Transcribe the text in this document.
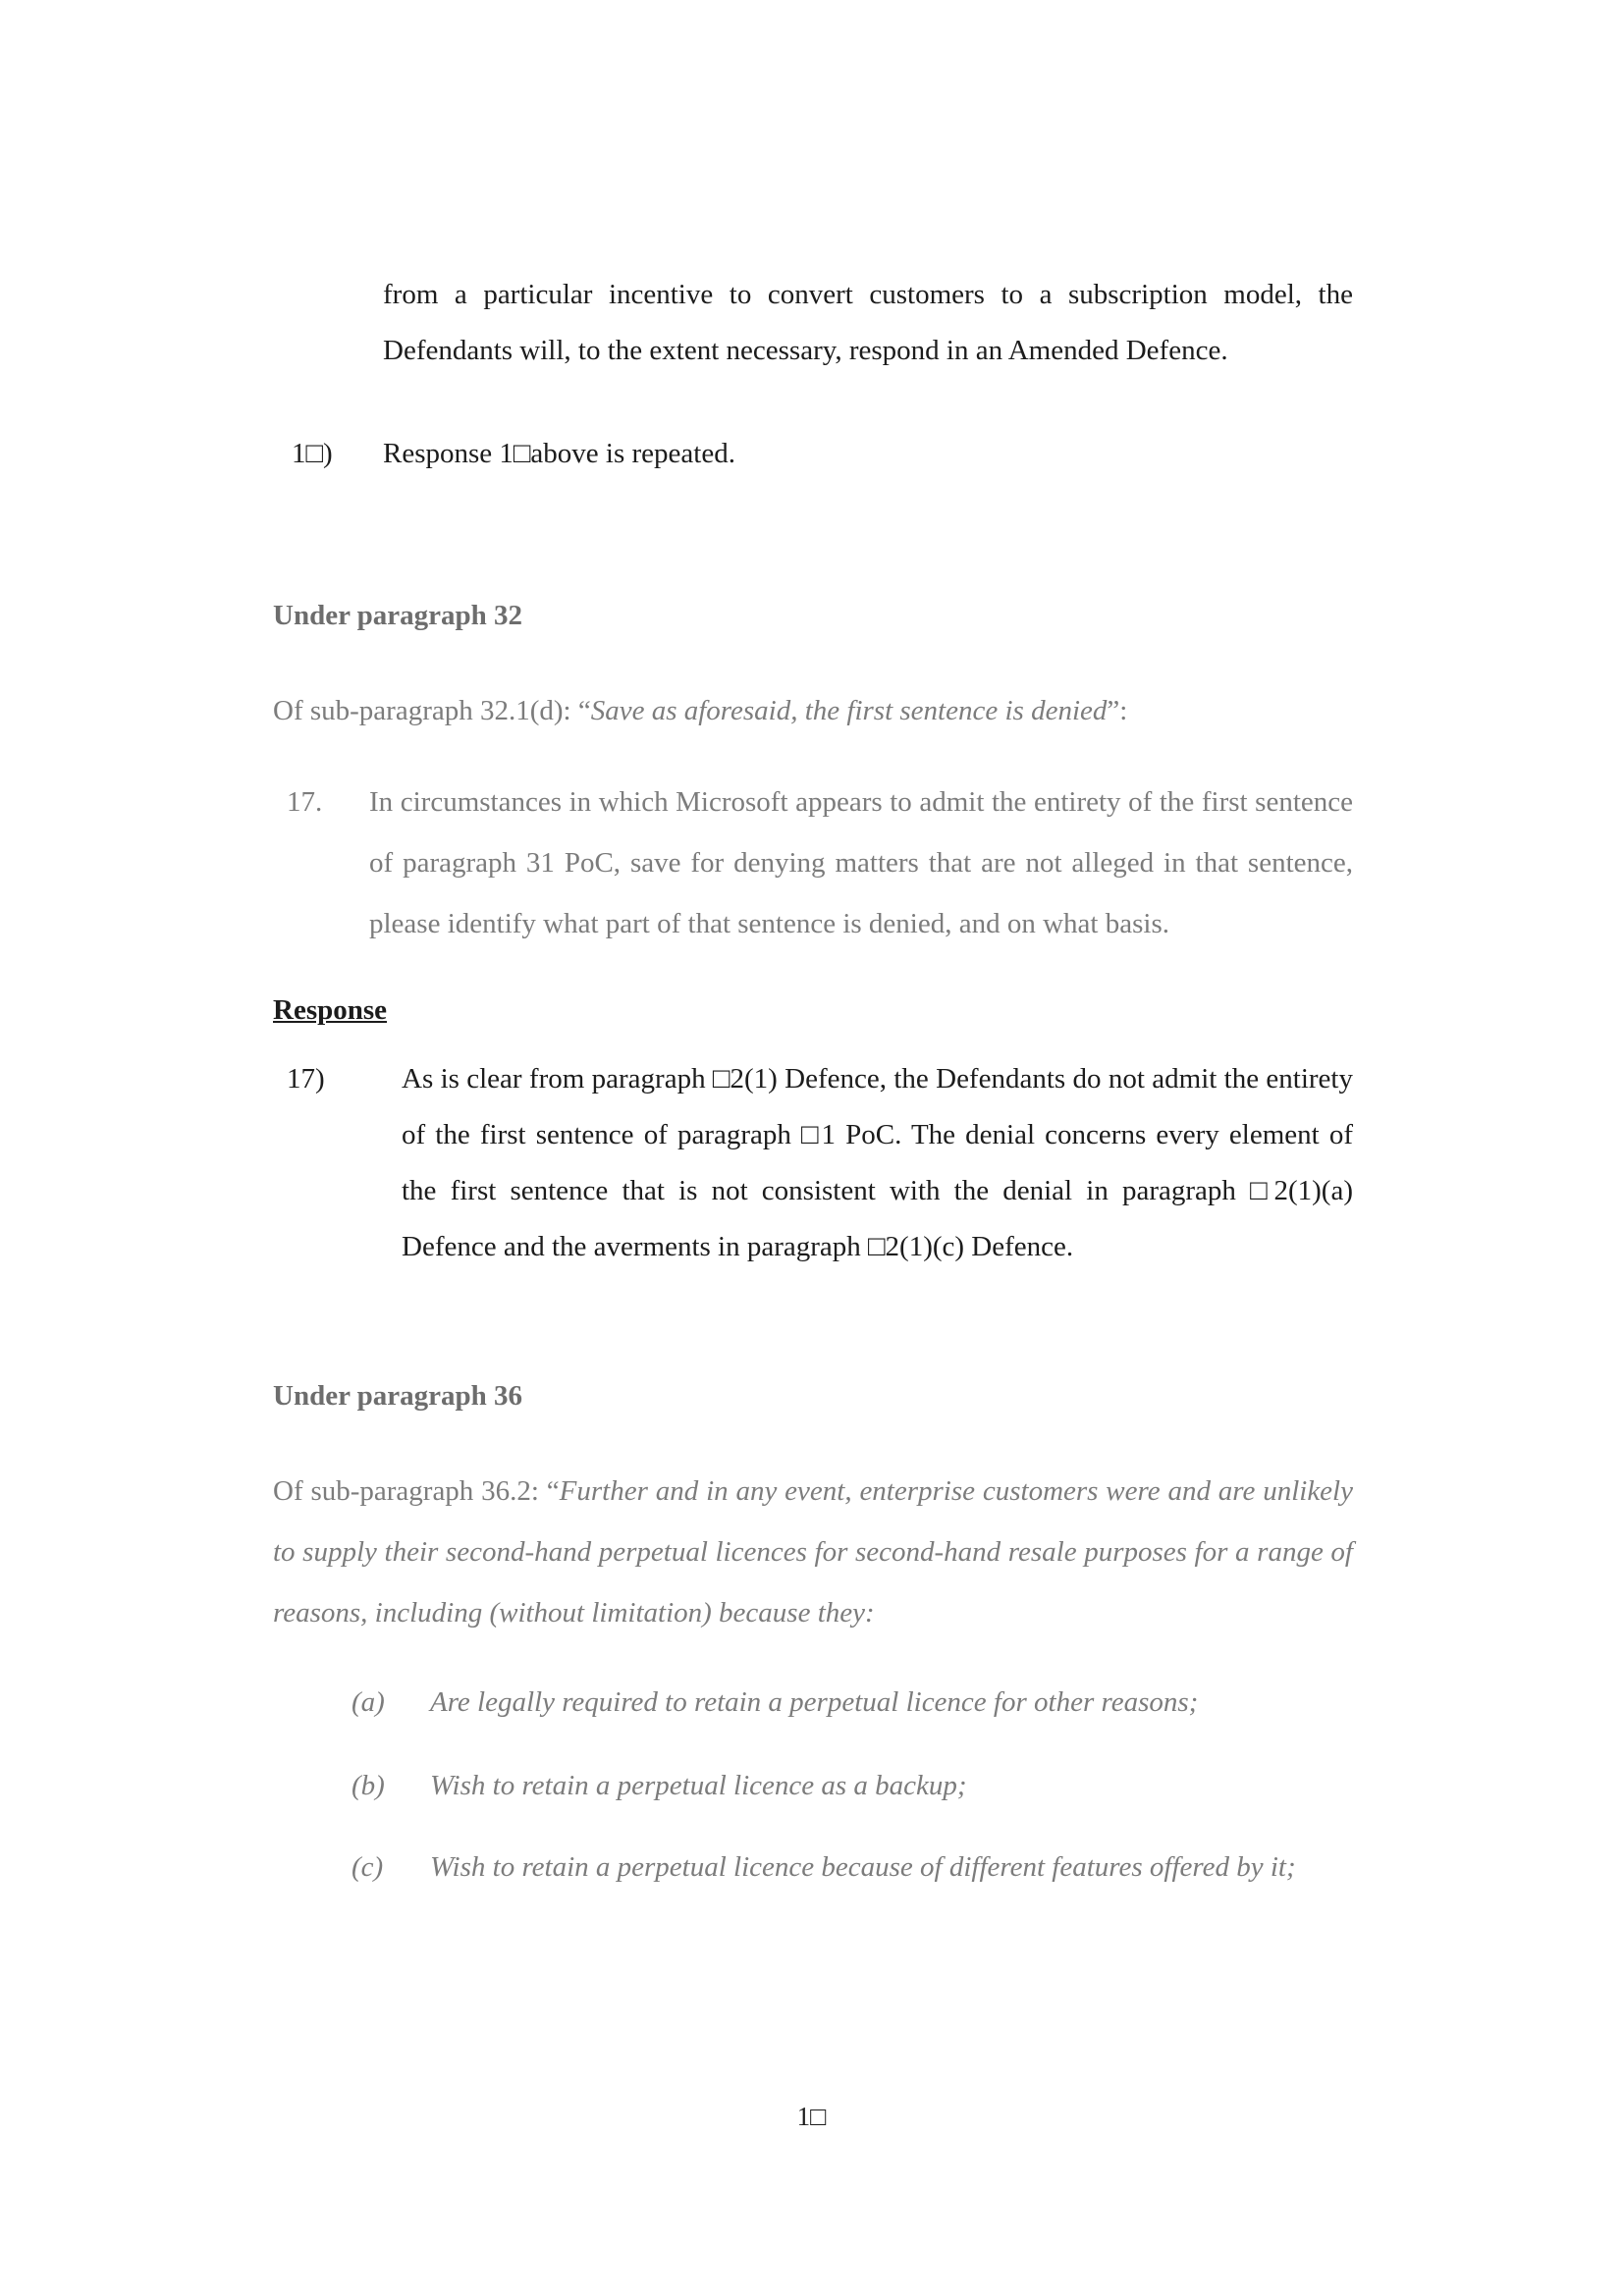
from a particular incentive to convert customers to a subscription model, the Defendants will, to the extent necessary, respond in an Amended Defence.

1□)	Response 1□above is repeated.
Under paragraph 32

Of sub-paragraph 32.1(d): “Save as aforesaid, the first sentence is denied”:

17.	In circumstances in which Microsoft appears to admit the entirety of the first sentence of paragraph 31 PoC, save for denying matters that are not alleged in that sentence, please identify what part of that sentence is denied, and on what basis.
Response
17)	As is clear from paragraph □2(1) Defence, the Defendants do not admit the entirety of the first sentence of paragraph □1 PoC. The denial concerns every element of the first sentence that is not consistent with the denial in paragraph □2(1)(a) Defence and the averments in paragraph □2(1)(c) Defence.
Under paragraph 36

Of sub-paragraph 36.2: “Further and in any event, enterprise customers were and are unlikely to supply their second-hand perpetual licences for second-hand resale purposes for a range of reasons, including (without limitation) because they:

(a)	Are legally required to retain a perpetual licence for other reasons;
(b)	Wish to retain a perpetual licence as a backup;
(c)	Wish to retain a perpetual licence because of different features offered by it;
1□
